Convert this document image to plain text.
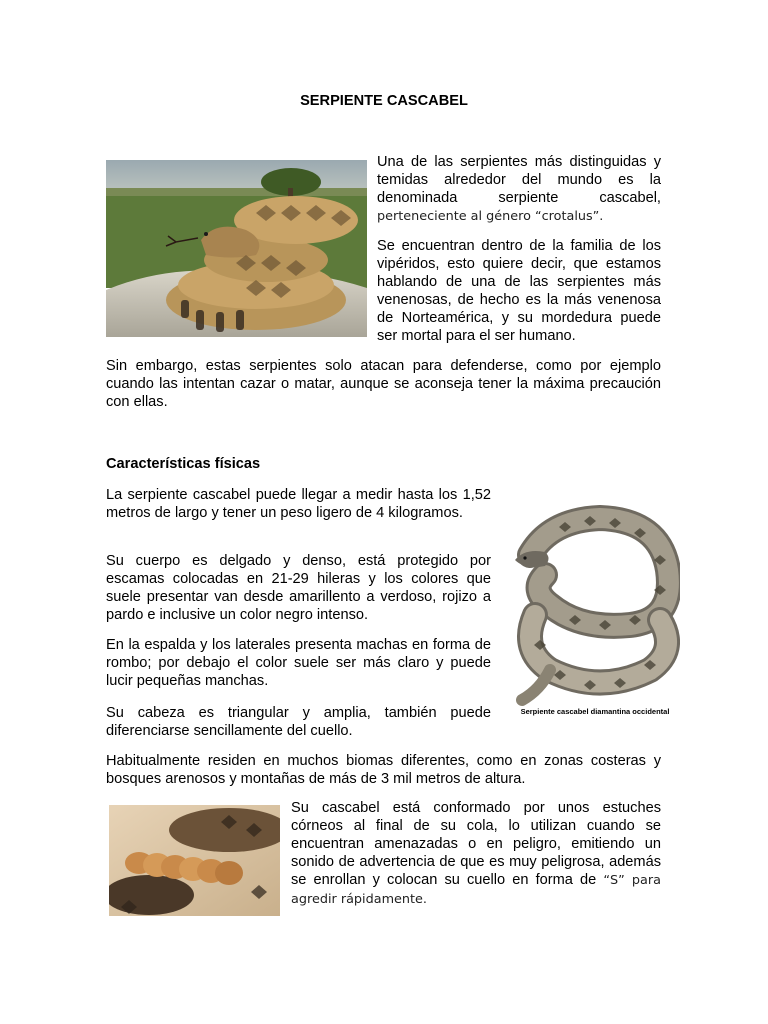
SERPIENTE CASCABEL
Una de las serpientes más distinguidas y temidas alrededor del mundo es la denominada serpiente cascabel, perteneciente al género “crotalus”.

Se encuentran dentro de la familia de los vipéridos, esto quiere decir, que estamos hablando de una de las serpientes más venenosas, de hecho es la más venenosa de Norteamérica, y su mordedura puede ser mortal para el ser humano.

Sin embargo, estas serpientes solo atacan para defenderse, como por ejemplo cuando las intentan cazar o matar, aunque se aconseja tener la máxima precaución con ellas.

Características físicas

La serpiente cascabel puede llegar a medir hasta los 1,52 metros de largo y tener un peso ligero de 4 kilogramos.

Su cuerpo es delgado y denso, está protegido por escamas colocadas en 21-29 hileras y los colores que suele presentar van desde amarillento a verdoso, rojizo a pardo e inclusive un color negro intenso.

En la espalda y los laterales presenta machas en forma de rombo; por debajo el color suele ser más claro y puede lucir pequeñas manchas.

Su cabeza es triangular y amplia, también puede diferenciarse sencillamente del cuello.

Serpiente cascabel diamantina occidental

Habitualmente residen en muchos biomas diferentes, como en zonas costeras y bosques arenosos y montañas de más de 3 mil metros de altura.

Su cascabel está conformado por unos estuches córneos al final de su cola, lo utilizan cuando se encuentran amenazadas o en peligro, emitiendo un sonido de advertencia de que es muy peligrosa, además se enrollan y colocan su cuello en forma de “S” para agredir rápidamente.
